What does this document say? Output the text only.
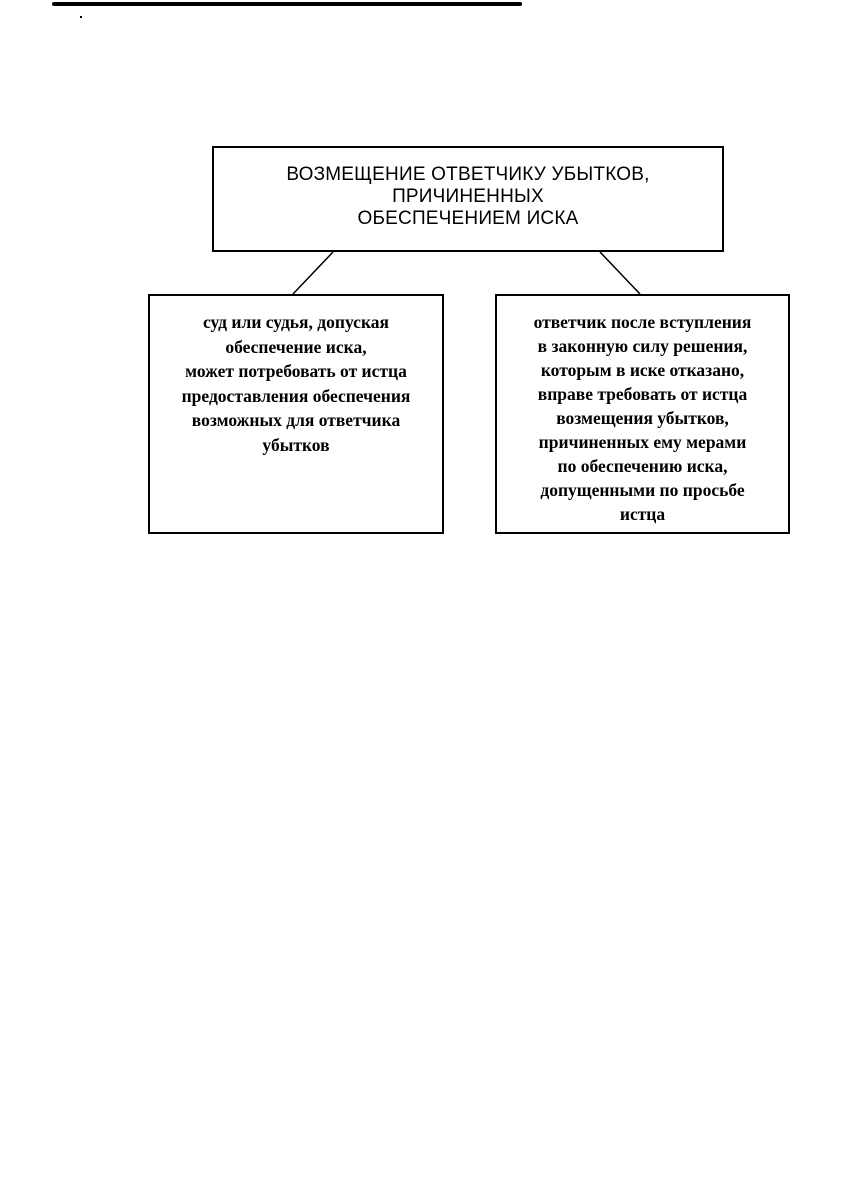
ВОЗМЕЩЕНИЕ ОТВЕТЧИКУ УБЫТКОВ,
ПРИЧИНЕННЫХ
ОБЕСПЕЧЕНИЕМ ИСКА
суд или судья, допуская
обеспечение иска,
может потребовать от истца
предоставления обеспечения
возможных для ответчика
убытков
ответчик после вступления
в законную силу решения,
которым в иске отказано,
вправе требовать от истца
возмещения убытков,
причиненных ему мерами
по обеспечению иска,
допущенными по просьбе
истца
